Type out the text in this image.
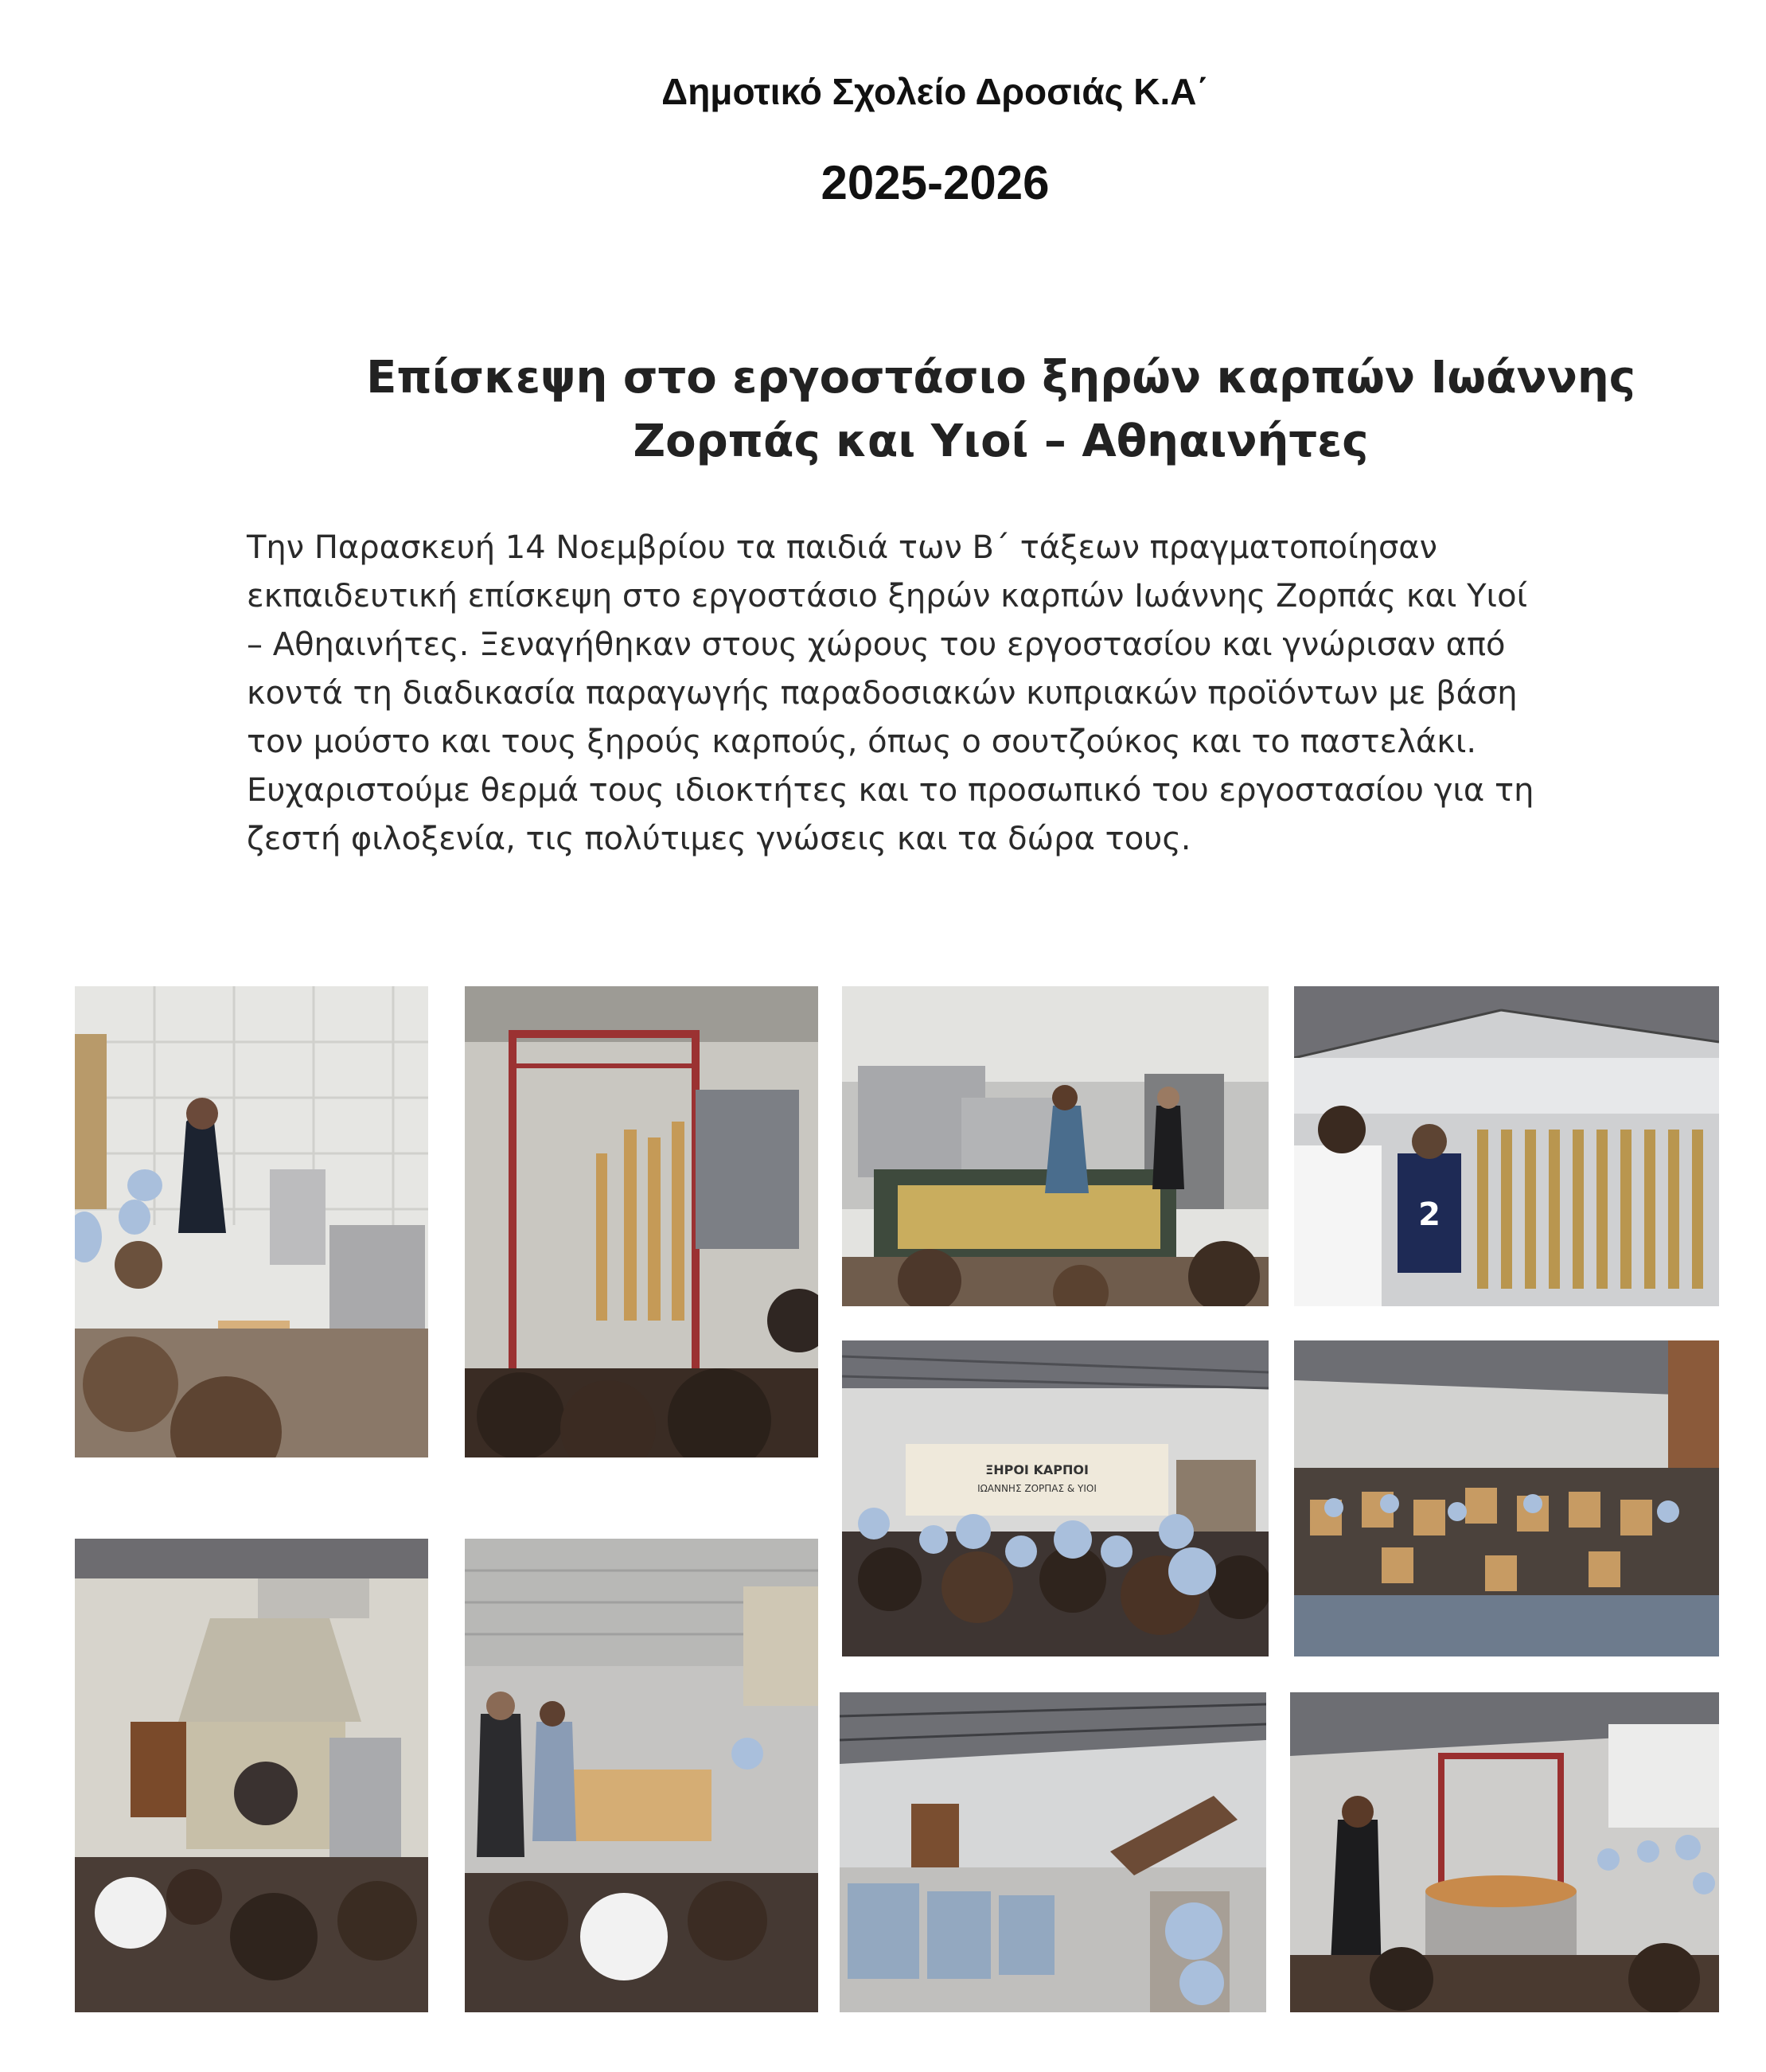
Δημοτικό Σχολείο Δροσιάς Κ.Α΄
2025-2026
Επίσκεψη στο εργοστάσιο ξηρών καρπών Ιωάννης
Ζορπάς και Υιοί – Αθηαινήτες
Την Παρασκευή 14 Νοεμβρίου τα παιδιά των Β΄ τάξεων πραγματοποίησαν
εκπαιδευτική επίσκεψη στο εργοστάσιο ξηρών καρπών Ιωάννης Ζορπάς και Υιοί
– Αθηαινήτες. Ξεναγήθηκαν στους χώρους του εργοστασίου και γνώρισαν από
κοντά τη διαδικασία παραγωγής παραδοσιακών κυπριακών προϊόντων με βάση
τον μούστο και τους ξηρούς καρπούς, όπως ο σουτζούκος και το παστελάκι.
Ευχαριστούμε θερμά τους ιδιοκτήτες και το προσωπικό του εργοστασίου για τη
ζεστή φιλοξενία, τις πολύτιμες γνώσεις και τα δώρα τους.
2
ΞΗΡΟΙ ΚΑΡΠΟΙ
ΙΩΑΝΝΗΣ ΖΟΡΠΑΣ & ΥΙΟΙ
